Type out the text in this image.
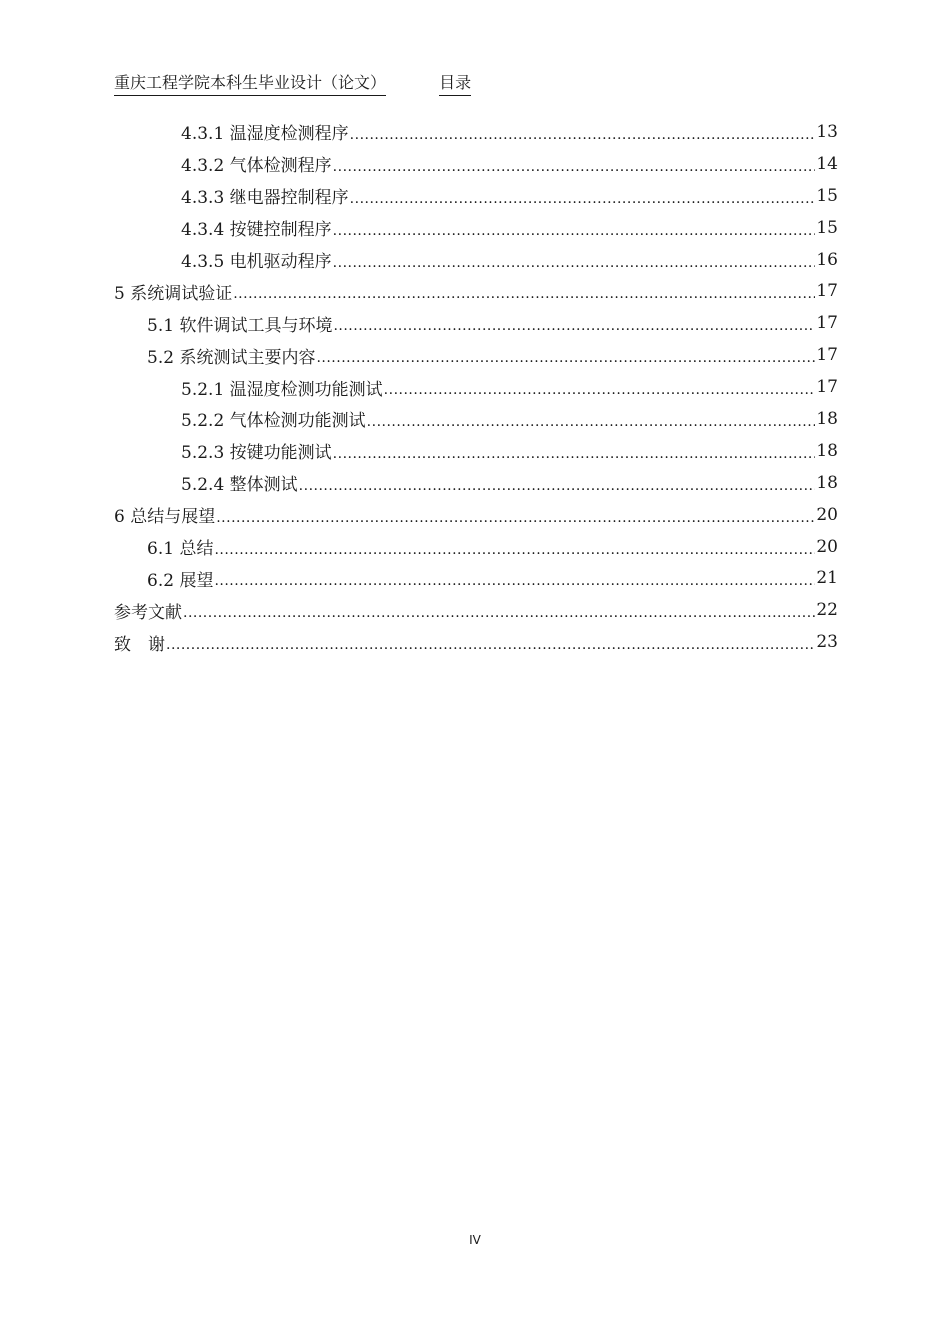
重庆工程学院本科生毕业设计（论文）	目录
4.3.1 温湿度检测程序 .....	13
4.3.2 气体检测程序 .....	14
4.3.3 继电器控制程序 .....	15
4.3.4 按键控制程序 .....	15
4.3.5 电机驱动程序 .....	16
5 系统调试验证 .....	17
5.1 软件调试工具与环境 .....	17
5.2 系统测试主要内容 .....	17
5.2.1 温湿度检测功能测试 .....	17
5.2.2 气体检测功能测试 .....	18
5.2.3 按键功能测试 .....	18
5.2.4 整体测试 .....	18
6 总结与展望 .....	20
6.1 总结 .....	20
6.2 展望 .....	21
参考文献 .....	22
致　谢 .....	23
IV
